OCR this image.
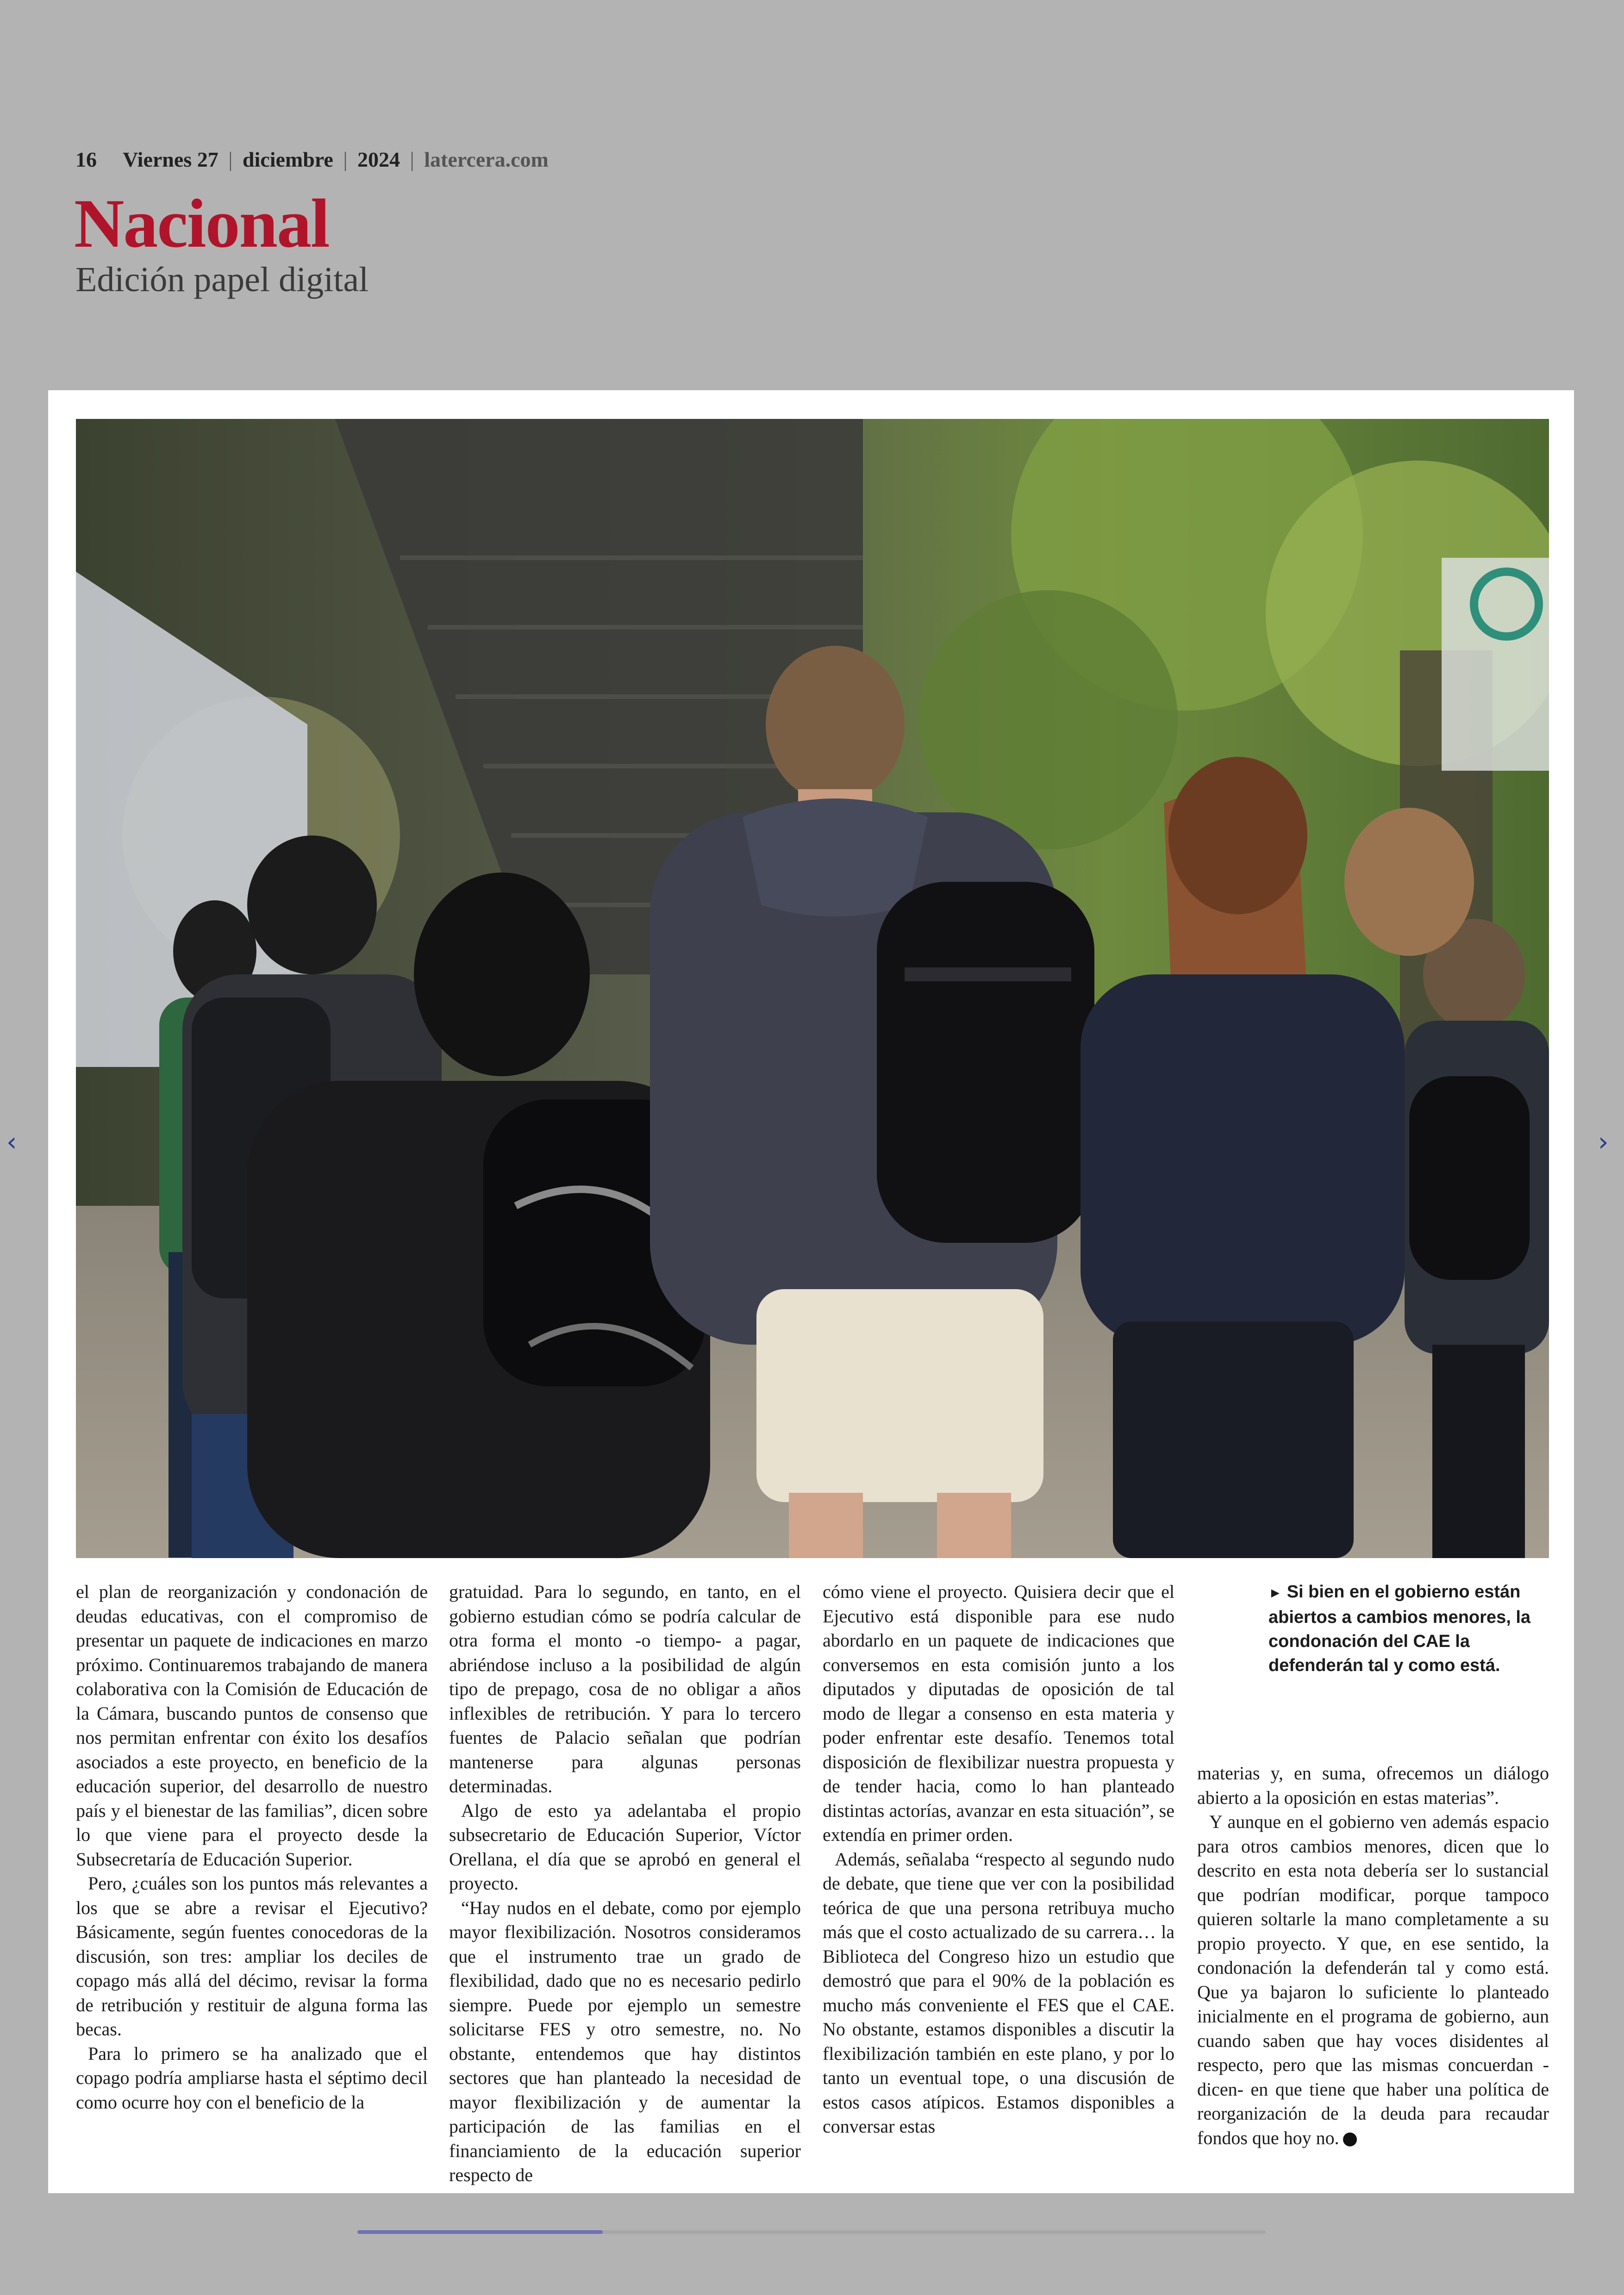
16 Viernes 27 | diciembre | 2024 | latercera.com
Nacional
Edición papel digital
‹	›

el plan de reorganización y condonación de deudas educativas, con el compromiso de presentar un paquete de indicaciones en marzo próximo. Continuaremos trabajando de manera colaborativa con la Comisión de Educación de la Cámara, buscando puntos de consenso que nos permitan enfrentar con éxito los desafíos asociados a este proyecto, en beneficio de la educación superior, del desarrollo de nuestro país y el bienestar de las familias”, dicen sobre lo que viene para el proyecto desde la Subsecretaría de Educación Superior.

Pero, ¿cuáles son los puntos más relevantes a los que se abre a revisar el Ejecutivo? Básicamente, según fuentes conocedoras de la discusión, son tres: ampliar los deciles de copago más allá del décimo, revisar la forma de retribución y restituir de alguna forma las becas.

Para lo primero se ha analizado que el copago podría ampliarse hasta el séptimo decil como ocurre hoy con el beneficio de la

gratuidad. Para lo segundo, en tanto, en el gobierno estudian cómo se podría calcular de otra forma el monto -o tiempo- a pagar, abriéndose incluso a la posibilidad de algún tipo de prepago, cosa de no obligar a años inflexibles de retribución. Y para lo tercero fuentes de Palacio señalan que podrían mantenerse para algunas personas determinadas.

Algo de esto ya adelantaba el propio subsecretario de Educación Superior, Víctor Orellana, el día que se aprobó en general el proyecto.

“Hay nudos en el debate, como por ejemplo mayor flexibilización. Nosotros consideramos que el instrumento trae un grado de flexibilidad, dado que no es necesario pedirlo siempre. Puede por ejemplo un semestre solicitarse FES y otro semestre, no. No obstante, entendemos que hay distintos sectores que han planteado la necesidad de mayor flexibilización y de aumentar la participación de las familias en el financiamiento de la educación superior respecto de

cómo viene el proyecto. Quisiera decir que el Ejecutivo está disponible para ese nudo abordarlo en un paquete de indicaciones que conversemos en esta comisión junto a los diputados y diputadas de oposición de tal modo de llegar a consenso en esta materia y poder enfrentar este desafío. Tenemos total disposición de flexibilizar nuestra propuesta y de tender hacia, como lo han planteado distintas actorías, avanzar en esta situación”, se extendía en primer orden.

Además, señalaba “respecto al segundo nudo de debate, que tiene que ver con la posibilidad teórica de que una persona retribuya mucho más que el costo actualizado de su carrera… la Biblioteca del Congreso hizo un estudio que demostró que para el 90% de la población es mucho más conveniente el FES que el CAE. No obstante, estamos disponibles a discutir la flexibilización también en este plano, y por lo tanto un eventual tope, o una discusión de estos casos atípicos. Estamos disponibles a conversar estas

► Si bien en el gobierno están abiertos a cambios menores, la condonación del CAE la defenderán tal y como está.

materias y, en suma, ofrecemos un diálogo abierto a la oposición en estas materias”.

Y aunque en el gobierno ven además espacio para otros cambios menores, dicen que lo descrito en esta nota debería ser lo sustancial que podrían modificar, porque tampoco quieren soltarle la mano completamente a su propio proyecto. Y que, en ese sentido, la condonación la defenderán tal y como está. Que ya bajaron lo suficiente lo planteado inicialmente en el programa de gobierno, aun cuando saben que hay voces disidentes al respecto, pero que las mismas concuerdan -dicen- en que tiene que haber una política de reorganización de la deuda para recaudar fondos que hoy no.
